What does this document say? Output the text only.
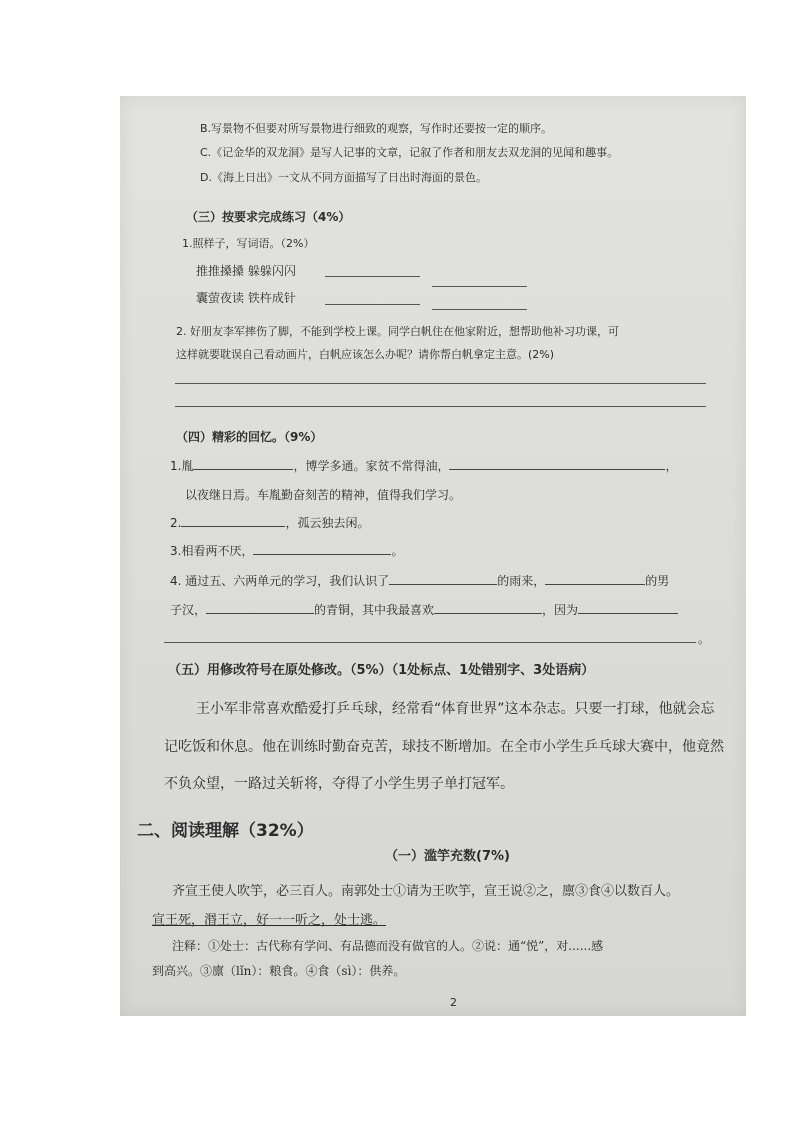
B.写景物不但要对所写景物进行细致的观察，写作时还要按一定的顺序。
C.《记金华的双龙洞》是写人记事的文章，记叙了作者和朋友去双龙洞的见闻和趣事。
D.《海上日出》一文从不同方面描写了日出时海面的景色。
（三）按要求完成练习（4%）
1.照样子，写词语。（2%）
推推搡搡 躲躲闪闪
囊萤夜读 铁杵成针
2. 好朋友李军摔伤了脚，不能到学校上课。同学白帆住在他家附近，想帮助他补习功课，可
这样就要耽误自己看动画片，白帆应该怎么办呢？请你帮白帆拿定主意。(2%)
（四）精彩的回忆。（9%）
1.胤	，博学多通。家贫不常得油，	，
以夜继日焉。车胤勤奋刻苦的精神，值得我们学习。
2.	，孤云独去闲。
3.相看两不厌，	。
4. 通过五、六两单元的学习，我们认识了	的雨来，	的男
子汉，	的青铜，其中我最喜欢	，因为
。
（五）用修改符号在原处修改。（5%）（1处标点、1处错别字、3处语病）
王小军非常喜欢酷爱打乒乓球，经常看“体育世界”这本杂志。只要一打球，他就会忘
记吃饭和休息。他在训练时勤奋克苦，球技不断增加。在全市小学生乒乓球大赛中，他竟然
不负众望，一路过关斩将，夺得了小学生男子单打冠军。
二、阅读理解（32%）
（一）滥竽充数(7%)
齐宣王使人吹竽，必三百人。南郭处士①请为王吹竽，宣王说②之，廪③食④以数百人。
宣王死，湣王立，好一一听之，处士逃。
注释：①处士：古代称有学问、有品德而没有做官的人。②说：通“悦”，对......感
到高兴。③廪（lǐn）：粮食。④食（sì）：供养。
2
